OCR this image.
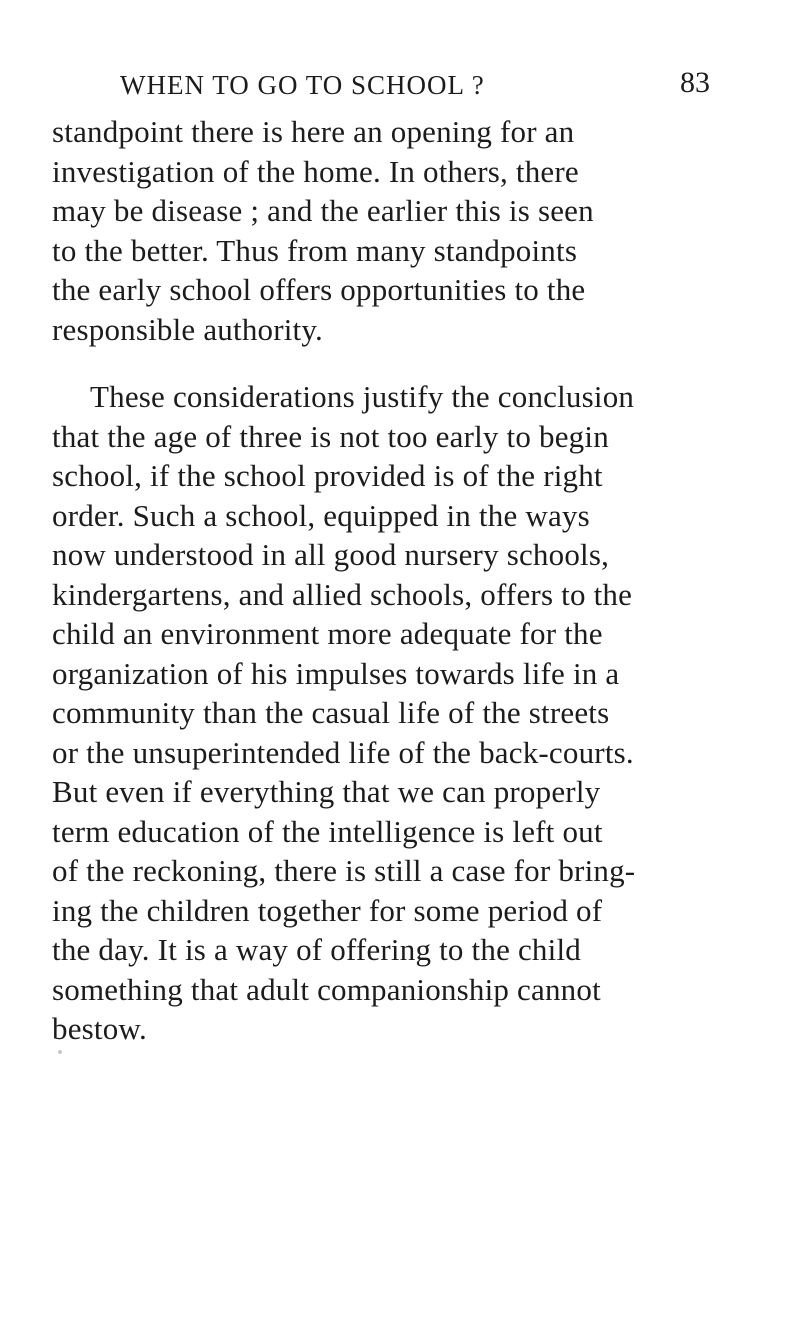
WHEN TO GO TO SCHOOL ?	83
standpoint there is here an opening for an
investigation of the home. In others, there
may be disease ; and the earlier this is seen
to the better. Thus from many standpoints
the early school offers opportunities to the
responsible authority.
These considerations justify the conclusion
that the age of three is not too early to begin
school, if the school provided is of the right
order. Such a school, equipped in the ways
now understood in all good nursery schools,
kindergartens, and allied schools, offers to the
child an environment more adequate for the
organization of his impulses towards life in a
community than the casual life of the streets
or the unsuperintended life of the back-courts.
But even if everything that we can properly
term education of the intelligence is left out
of the reckoning, there is still a case for bring-
ing the children together for some period of
the day. It is a way of offering to the child
something that adult companionship cannot
bestow.
